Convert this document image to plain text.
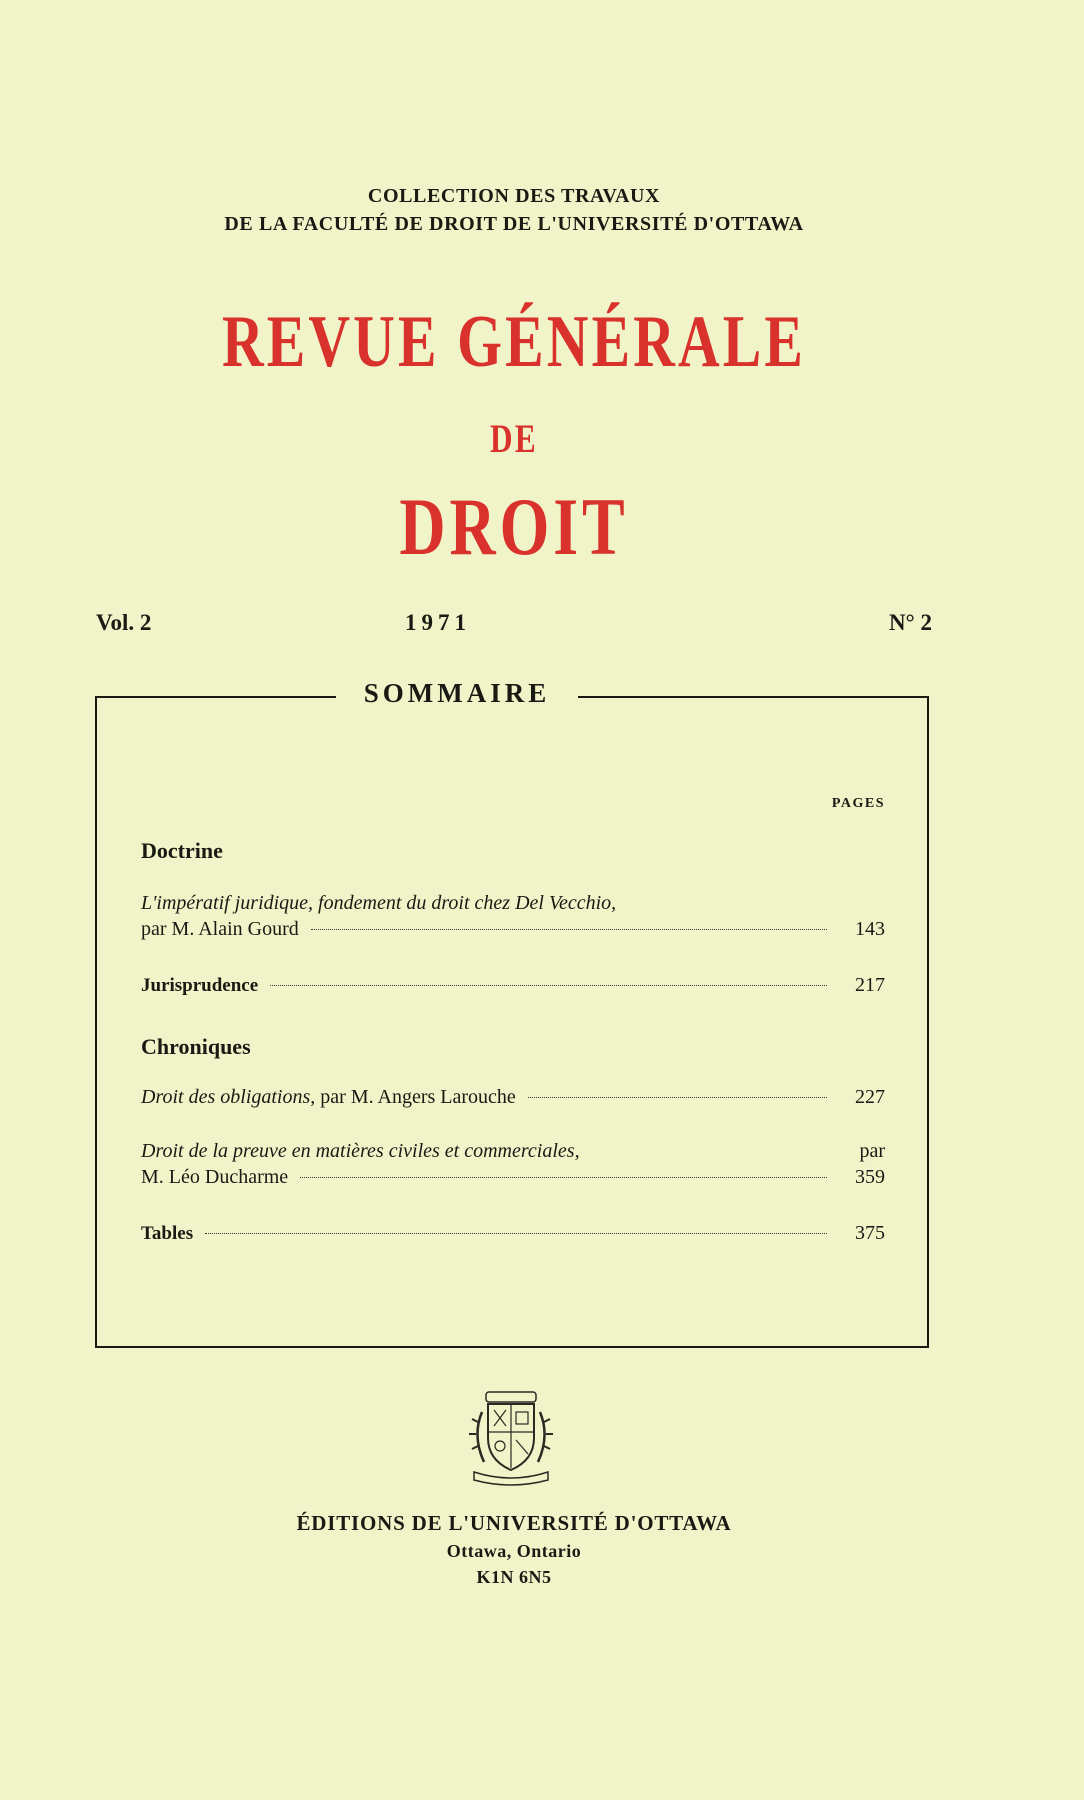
COLLECTION DES TRAVAUX
DE LA FACULTÉ DE DROIT DE L'UNIVERSITÉ D'OTTAWA
REVUE GÉNÉRALE
DE
DROIT
Vol. 2	1971	N° 2
SOMMAIRE
PAGES
Doctrine
L'impératif juridique, fondement du droit chez Del Vecchio,
par M. Alain Gourd	143
Jurisprudence	217
Chroniques
Droit des obligations, par M. Angers Larouche	227
Droit de la preuve en matières civiles et commerciales,	par
M. Léo Ducharme	359
Tables	375
ÉDITIONS DE L'UNIVERSITÉ D'OTTAWA
Ottawa, Ontario
K1N 6N5
